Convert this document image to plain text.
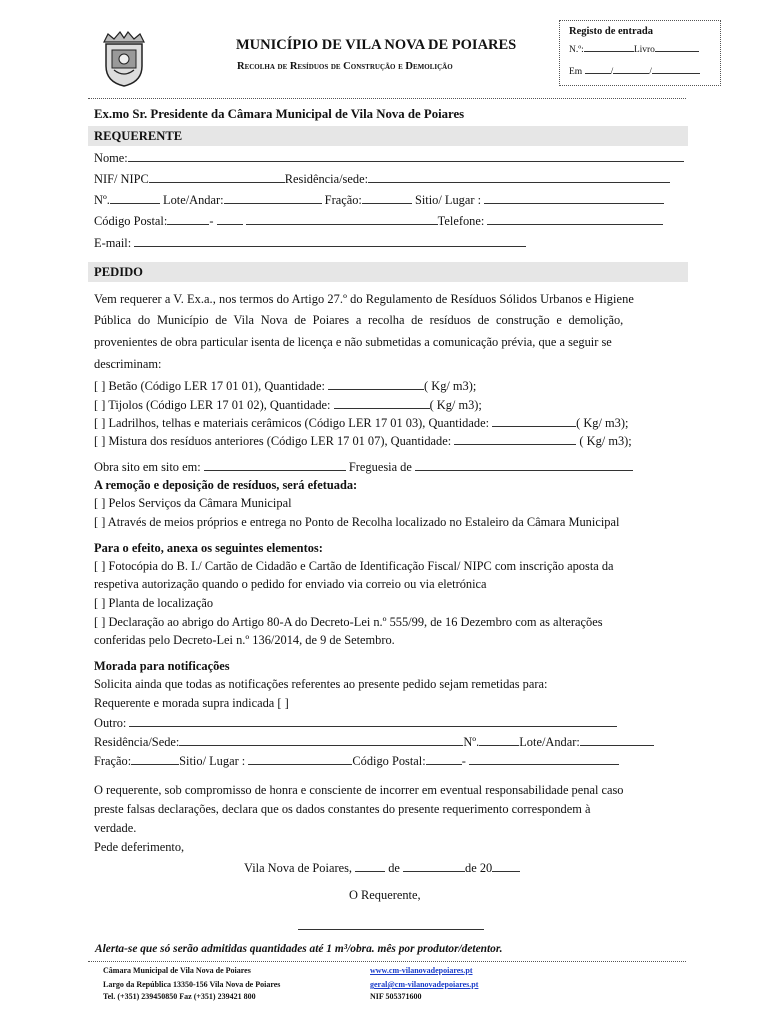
MUNICÍPIO DE VILA NOVA DE POIARES
Recolha de Resíduos de Construção e Demolição
Registo de entrada
N.º:	Livro
Em	/	/
Ex.mo Sr. Presidente da Câmara Municipal de Vila Nova de Poiares
REQUERENTE
Nome:
NIF/ NIPC	Residência/sede:
Nº.	Lote/Andar:	Fração:	Sitio/ Lugar :
Código Postal:	-	Telefone:
E-mail:
PEDIDO
Vem requerer a V. Ex.a., nos termos do Artigo 27.º do Regulamento de Resíduos Sólidos Urbanos e Higiene
Pública do Município de Vila Nova de Poiares a recolha de resíduos de construção e demolição,
provenientes de obra particular isenta de licença e não submetidas a comunicação prévia, que a seguir se
descriminam:
[ ] Betão (Código LER 17 01 01), Quantidade:	( Kg/ m3);
[ ] Tijolos (Código LER 17 01 02), Quantidade:	( Kg/ m3);
[ ] Ladrilhos, telhas e materiais cerâmicos (Código LER 17 01 03), Quantidade:	( Kg/ m3);
[ ] Mistura dos resíduos anteriores (Código LER 17 01 07), Quantidade:	( Kg/ m3);
Obra sito em sito em:	Freguesia de
A remoção e deposição de resíduos, será efetuada:
[ ] Pelos Serviços da Câmara Municipal
[ ] Através de meios próprios e entrega no Ponto de Recolha localizado no Estaleiro da Câmara Municipal
Para o efeito, anexa os seguintes elementos:
[ ] Fotocópia do B. I./ Cartão de Cidadão e Cartão de Identificação Fiscal/ NIPC com inscrição aposta da
respetiva autorização quando o pedido for enviado via correio ou via eletrónica
[ ] Planta de localização
[ ] Declaração ao abrigo do Artigo 80-A do Decreto-Lei n.º 555/99, de 16 Dezembro com as alterações
conferidas pelo Decreto-Lei n.º 136/2014, de 9 de Setembro.
Morada para notificações
Solicita ainda que todas as notificações referentes ao presente pedido sejam remetidas para:
Requerente e morada supra indicada [ ]
Outro:
Residência/Sede:	Nº.	Lote/Andar:
Fração:	Sitio/ Lugar :	Código Postal:	-
O requerente, sob compromisso de honra e consciente de incorrer em eventual responsabilidade penal caso
preste falsas declarações, declara que os dados constantes do presente requerimento correspondem à
verdade.
Pede deferimento,
Vila Nova de Poiares,	de	de 20
O Requerente,
Alerta-se que só serão admitidas quantidades até 1 m³/obra. mês por produtor/detentor.
Câmara Municipal de Vila Nova de Poiares
Largo da República 13350-156 Vila Nova de Poiares
Tel. (+351) 239450850 Faz (+351) 239421 800
www.cm-vilanovadepoiares.pt
geral@cm-vilanovadepoiares.pt
NIF 505371600
